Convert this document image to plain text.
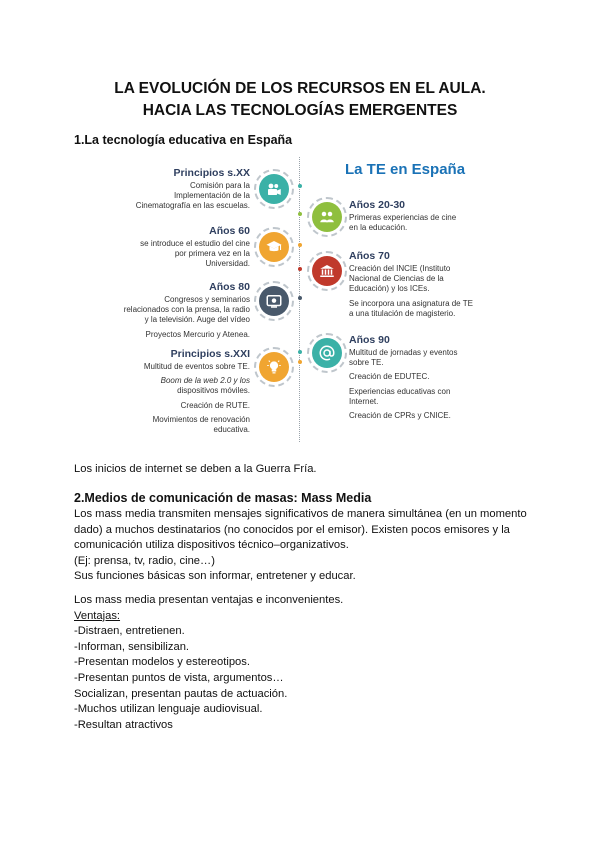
LA EVOLUCIÓN DE LOS RECURSOS EN EL AULA.
HACIA LAS TECNOLOGÍAS EMERGENTES
1.La tecnología educativa en España
La TE en España
Principios s.XX
Comisión para la
Implementación de la
Cinematografía en las escuelas.	Años 20-30
Primeras experiencias de cine
en la educación.
Años 60
se introduce el estudio del cine
por primera vez en la
Universidad.
Años 70
Creación del INCIE (Instituto
Nacional de Ciencias de la
Educación) y los ICEs.
Se incorpora una asignatura de TE
a una titulación de magisterio.
Años 80
Congresos y seminarios
relacionados con la prensa, la radio
y la televisión. Auge del vídeo
Proyectos Mercurio y Atenea.	Años 90
Multitud de jornadas y eventos
sobre TE.
Creación de EDUTEC.
Experiencias educativas con
Internet.
Creación de CPRs y CNICE.
Principios s.XXI
Multitud de eventos sobre TE.
Boom de la web 2.0 y los
dispositivos móviles.
Creación de RUTE.
Movimientos de renovación
educativa.
Los inicios de internet se deben a la Guerra Fría.
2.Medios de comunicación de masas: Mass Media
Los mass media transmiten mensajes significativos de manera simultánea (en un momento
dado) a muchos destinatarios (no conocidos por el emisor). Existen pocos emisores y la
comunicación utiliza dispositivos técnico–organizativos.
(Ej: prensa, tv, radio, cine…)
Sus funciones básicas son informar, entretener y educar.
Los mass media presentan ventajas e inconvenientes.
Ventajas:
-Distraen, entretienen.
-Informan, sensibilizan.
-Presentan modelos y estereotipos.
-Presentan puntos de vista, argumentos…
Socializan, presentan pautas de actuación.
-Muchos utilizan lenguaje audiovisual.
-Resultan atractivos
